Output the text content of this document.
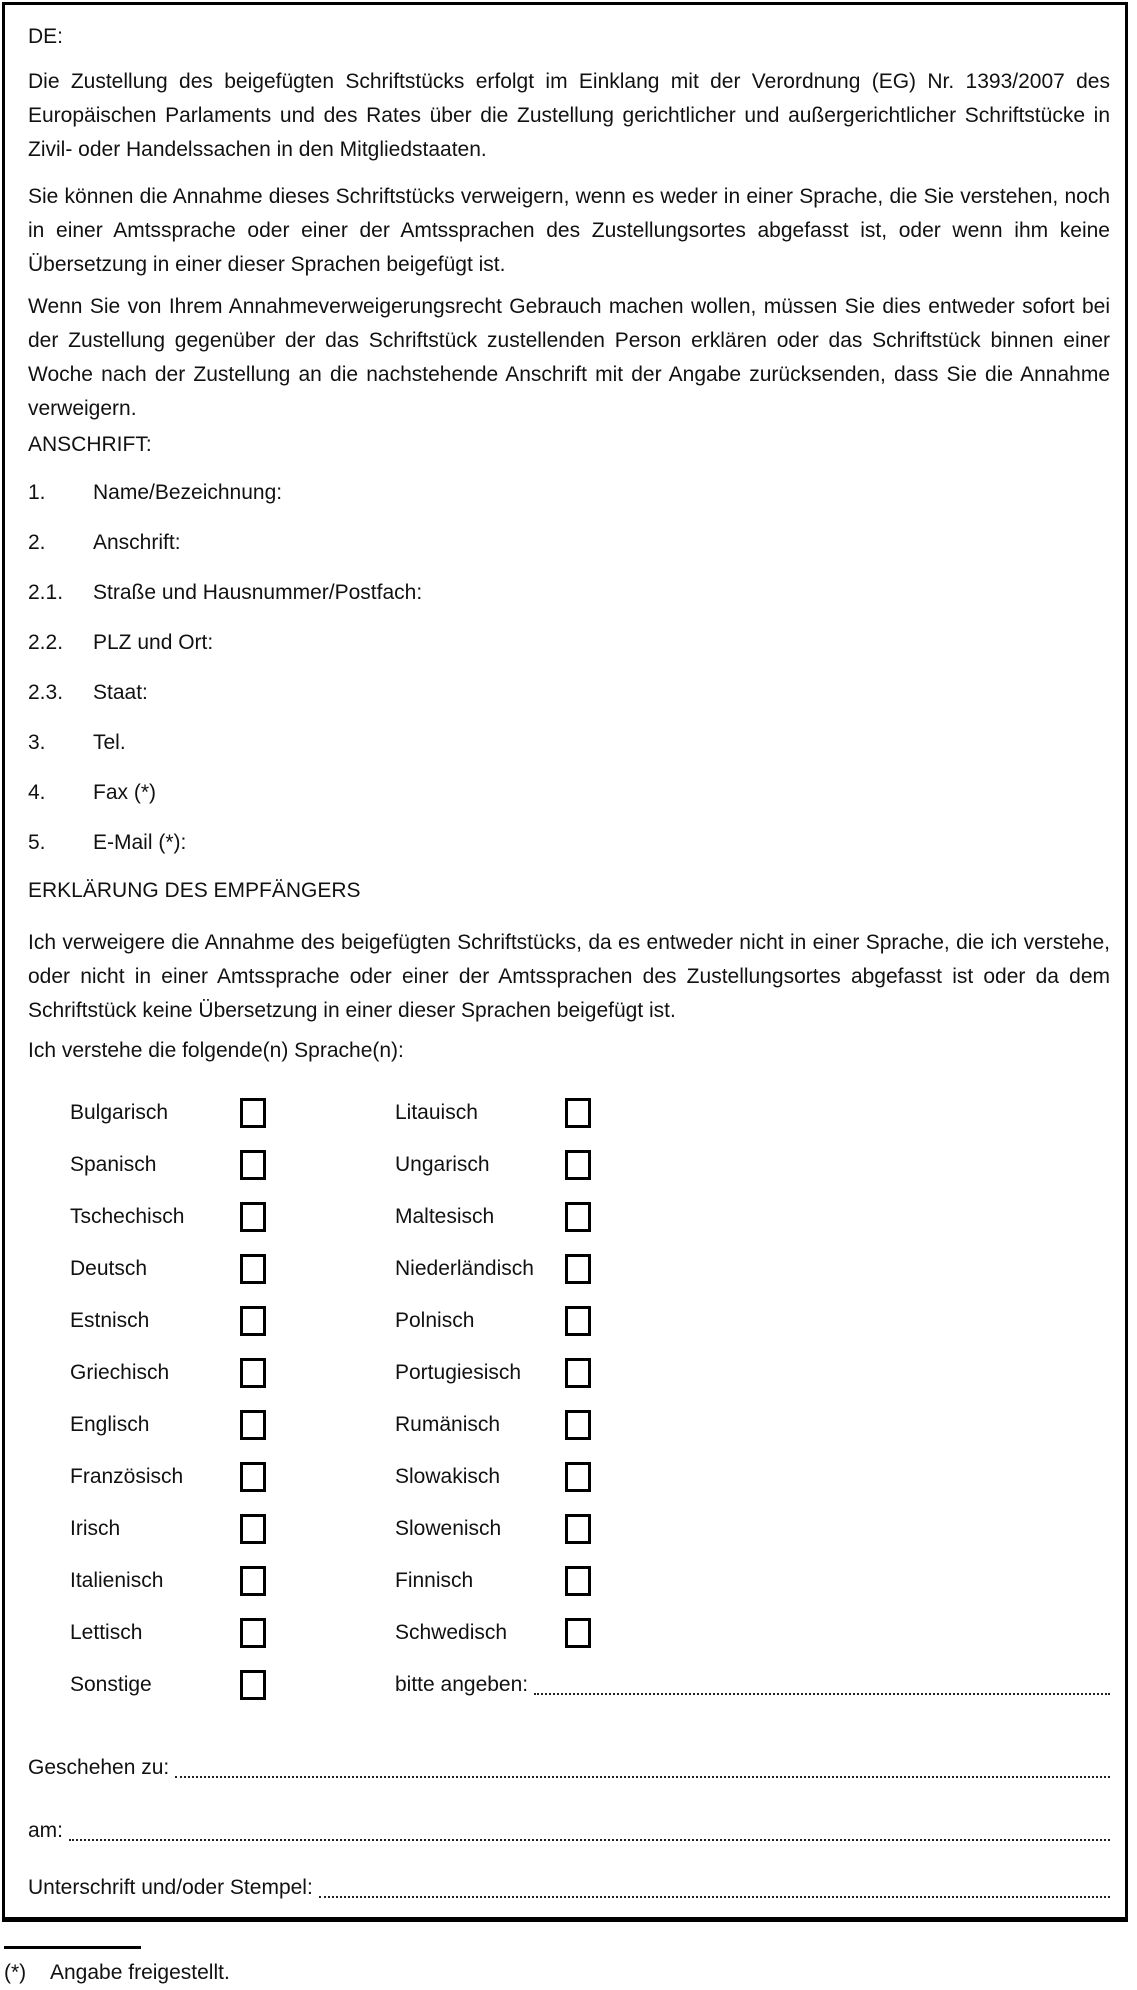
DE:

Die Zustellung des beigefügten Schriftstücks erfolgt im Einklang mit der Verordnung (EG) Nr. 1393/2007 des Europäischen Parlaments und des Rates über die Zustellung gerichtlicher und außergerichtlicher Schriftstücke in Zivil- oder Handelssachen in den Mitgliedstaaten.

Sie können die Annahme dieses Schriftstücks verweigern, wenn es weder in einer Sprache, die Sie verstehen, noch in einer Amtssprache oder einer der Amtssprachen des Zustellungsortes abgefasst ist, oder wenn ihm keine Übersetzung in einer dieser Sprachen beigefügt ist.

Wenn Sie von Ihrem Annahmeverweigerungsrecht Gebrauch machen wollen, müssen Sie dies entweder sofort bei der Zustellung gegenüber der das Schriftstück zustellenden Person erklären oder das Schriftstück binnen einer Woche nach der Zustellung an die nachstehende Anschrift mit der Angabe zurücksenden, dass Sie die Annahme verweigern.

ANSCHRIFT:

1.	Name/Bezeichnung:
2.	Anschrift:
2.1.	Straße und Hausnummer/Postfach:
2.2.	PLZ und Ort:
2.3.	Staat:
3.	Tel.
4.	Fax (*)
5.	E-Mail (*):

ERKLÄRUNG DES EMPFÄNGERS

Ich verweigere die Annahme des beigefügten Schriftstücks, da es entweder nicht in einer Sprache, die ich verstehe, oder nicht in einer Amtssprache oder einer der Amtssprachen des Zustellungsortes abgefasst ist oder da dem Schriftstück keine Übersetzung in einer dieser Sprachen beigefügt ist.

Ich verstehe die folgende(n) Sprache(n):

Bulgarisch	Litauisch
Spanisch	Ungarisch
Tschechisch	Maltesisch
Deutsch	Niederländisch
Estnisch	Polnisch
Griechisch	Portugiesisch
Englisch	Rumänisch
Französisch	Slowakisch
Irisch	Slowenisch
Italienisch	Finnisch
Lettisch	Schwedisch
Sonstige	bitte angeben:
Geschehen zu:
am:
Unterschrift und/oder Stempel:
(*)	Angabe freigestellt.
